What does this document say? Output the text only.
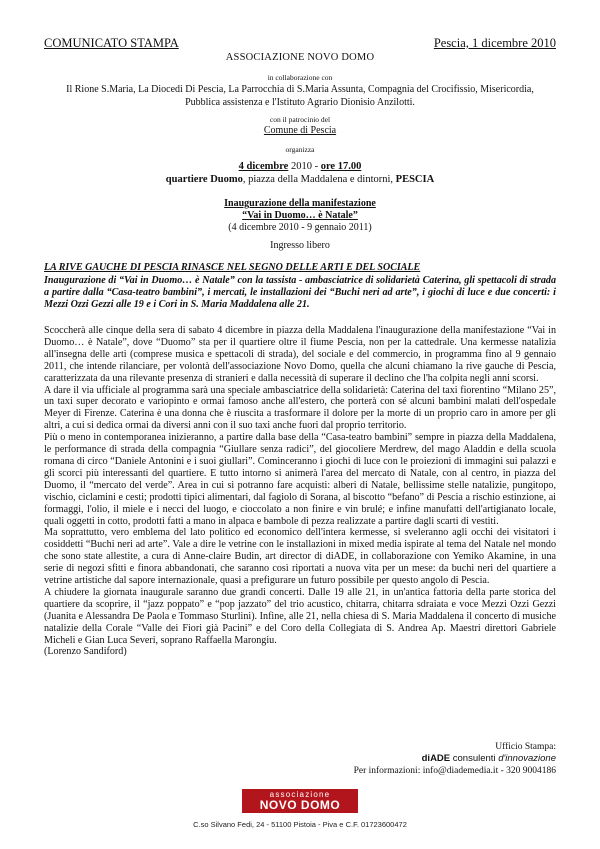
COMUNICATO STAMPA	Pescia, 1 dicembre 2010
ASSOCIAZIONE NOVO DOMO
in collaborazione con
Il Rione S.Maria, La Diocedi Di Pescia, La Parrocchia di S.Maria Assunta, Compagnia del Crocifissio, Misericordia,
Pubblica assistenza e l'Istituto Agrario Dionisio Anzilotti.
con il patrocinio del
Comune di Pescia
organizza
4 dicembre 2010 - ore 17.00
quartiere Duomo, piazza della Maddalena e dintorni, PESCIA
Inaugurazione della manifestazione
“Vai in Duomo… è Natale”
(4 dicembre 2010 - 9 gennaio 2011)
Ingresso libero
LA RIVE GAUCHE DI PESCIA RINASCE NEL SEGNO DELLE ARTI E DEL SOCIALE
Inaugurazione di “Vai in Duomo… è Natale” con la tassista - ambasciatrice di solidarietà Caterina, gli spettacoli di strada a partire dalla “Casa-teatro bambini”, i mercati, le installazioni dei “Buchi neri ad arte”, i giochi di luce e due concerti: i Mezzi Ozzi Gezzi alle 19 e i Cori in S. Maria Maddalena alle 21.

Scoccherà alle cinque della sera di sabato 4 dicembre in piazza della Maddalena l'inaugurazione della manifestazione “Vai in Duomo… è Natale”, dove “Duomo” sta per il quartiere oltre il fiume Pescia, non per la cattedrale. Una kermesse natalizia all'insegna delle arti (comprese musica e spettacoli di strada), del sociale e del commercio, in programma fino al 9 gennaio 2011, che intende rilanciare, per volontà dell'associazione Novo Domo, quella che alcuni chiamano la rive gauche di Pescia, caratterizzata da una rilevante presenza di stranieri e dalla necessità di superare il declino che l'ha colpita negli anni scorsi.

A dare il via ufficiale al programma sarà una speciale ambasciatrice della solidarietà: Caterina del taxi fiorentino “Milano 25”, un taxi super decorato e variopinto e ormai famoso anche all'estero, che porterà con sé alcuni bambini malati dell'ospedale Meyer di Firenze. Caterina è una donna che è riuscita a trasformare il dolore per la morte di un proprio caro in amore per gli altri, a cui si dedica ormai da diversi anni con il suo taxi anche fuori dal proprio territorio.

Più o meno in contemporanea inizieranno, a partire dalla base della “Casa-teatro bambini” sempre in piazza della Maddalena, le performance di strada della compagnia “Giullare senza radici”, del giocoliere Merdrew, del mago Aladdin e della scuola romana di circo “Daniele Antonini e i suoi giullari”. Cominceranno i giochi di luce con le proiezioni di immagini sui palazzi e gli scorci più interessanti del quartiere. E tutto intorno si animerà l'area del mercato di Natale, con al centro, in piazza del Duomo, il “mercato del verde”. Area in cui si potranno fare acquisti: alberi di Natale, bellissime stelle natalizie, pungitopo, vischio, ciclamini e cesti; prodotti tipici alimentari, dal fagiolo di Sorana, al biscotto “befano” di Pescia a rischio estinzione, ai formaggi, l'olio, il miele e i necci del luogo, e cioccolato a non finire e vin brulé; e infine manufatti dell'artigianato locale, quali oggetti in cotto, prodotti fatti a mano in alpaca e bambole di pezza realizzate a partire dagli scarti di vestiti.

Ma soprattutto, vero emblema del lato politico ed economico dell'intera kermesse, si sveleranno agli occhi dei visitatori i cosiddetti “Buchi neri ad arte”. Vale a dire le vetrine con le installazioni in mixed media ispirate al tema del Natale nel mondo che sono state allestite, a cura di Anne-claire Budin, art director di diADE, in collaborazione con Yemiko Akamine, in una serie di negozi sfitti e finora abbandonati, che saranno così riportati a nuova vita per un mese: da buchi neri del quartiere a vetrine artistiche dal sapore internazionale, quasi a prefigurare un futuro possibile per questo angolo di Pescia.

A chiudere la giornata inaugurale saranno due grandi concerti. Dalle 19 alle 21, in un'antica fattoria della parte storica del quartiere da scoprire, il “jazz poppato” e “pop jazzato” del trio acustico, chitarra, chitarra sdraiata e voce Mezzi Ozzi Gezzi (Juanita e Alessandra De Paola e Tommaso Sturlini). Infine, alle 21, nella chiesa di S. Maria Maddalena il concerto di musiche natalizie della Corale “Valle dei Fiori già Pacini” e del Coro della Collegiata di S. Andrea Ap. Maestri direttori Gabriele Micheli e Gian Luca Severi, soprano Raffaella Marongiu.

(Lorenzo Sandiford)

Ufficio Stampa:
diADE consulenti d'innovazione
Per informazioni: info@diademedia.it - 320 9004186
associazione
NOVO DOMO
C.so Silvano Fedi, 24 - 51100 Pistoia - Piva e C.F. 01723600472
